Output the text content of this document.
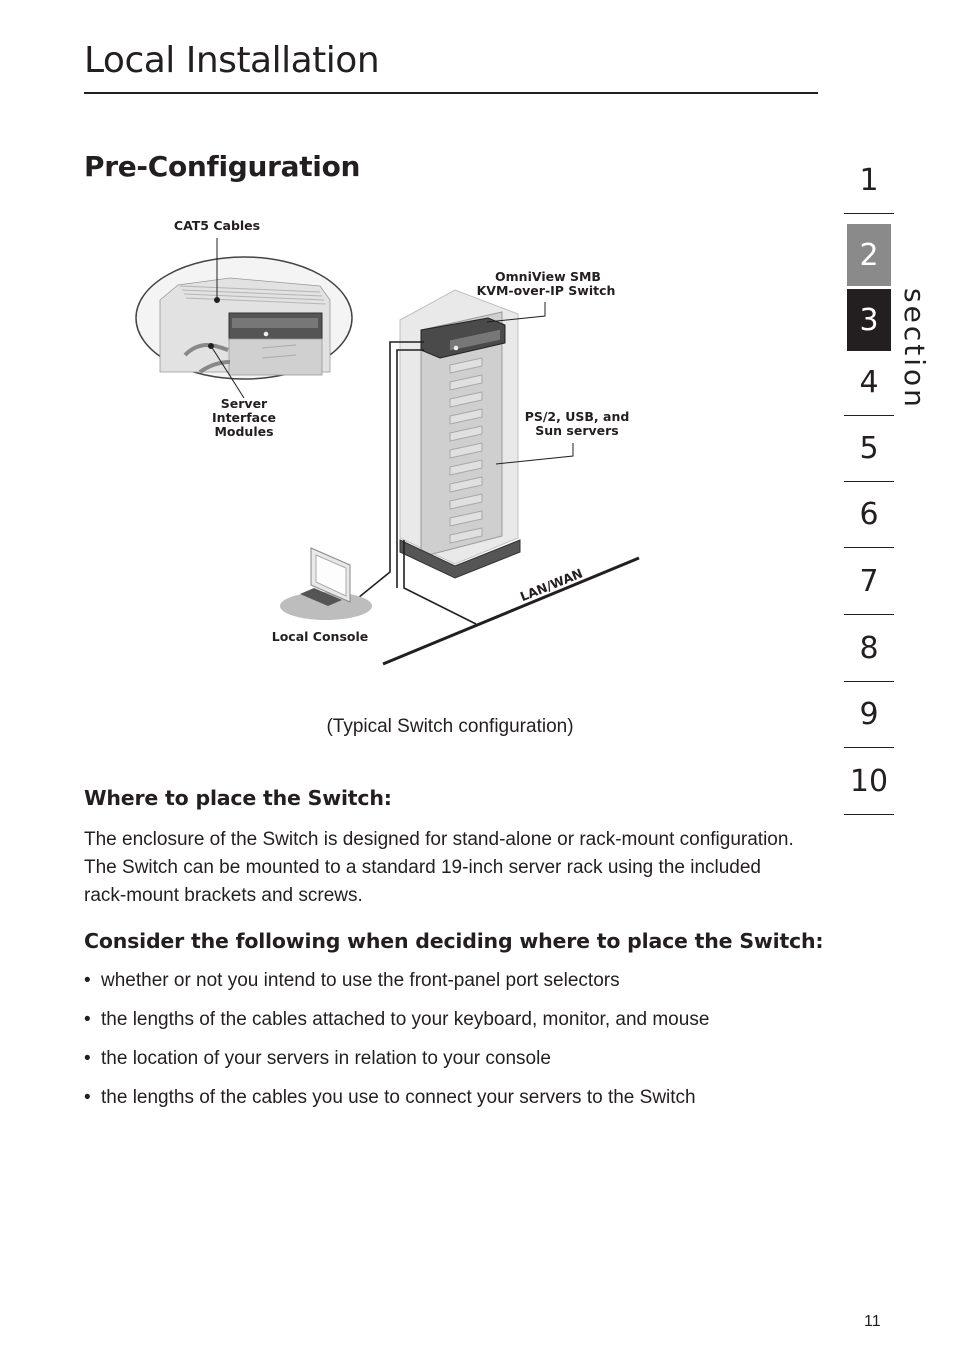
Local Installation
Pre-Configuration
CAT5 Cables
Server
Interface
Modules
OmniView SMB
KVM-over-IP Switch
PS/2, USB, and
Sun servers
LAN/WAN
Local Console
(Typical Switch configuration)
Where to place the Switch:

The enclosure of the Switch is designed for stand-alone or rack-mount configuration. The Switch can be mounted to a standard 19-inch server rack using the included rack-mount brackets and screws.

Consider the following when deciding where to place the Switch:
• whether or not you intend to use the front-panel port selectors
• the lengths of the cables attached to your keyboard, monitor, and mouse
• the location of your servers in relation to your console
• the lengths of the cables you use to connect your servers to the Switch
1
2
3
4
5
6
7
8
9
10
section
11
